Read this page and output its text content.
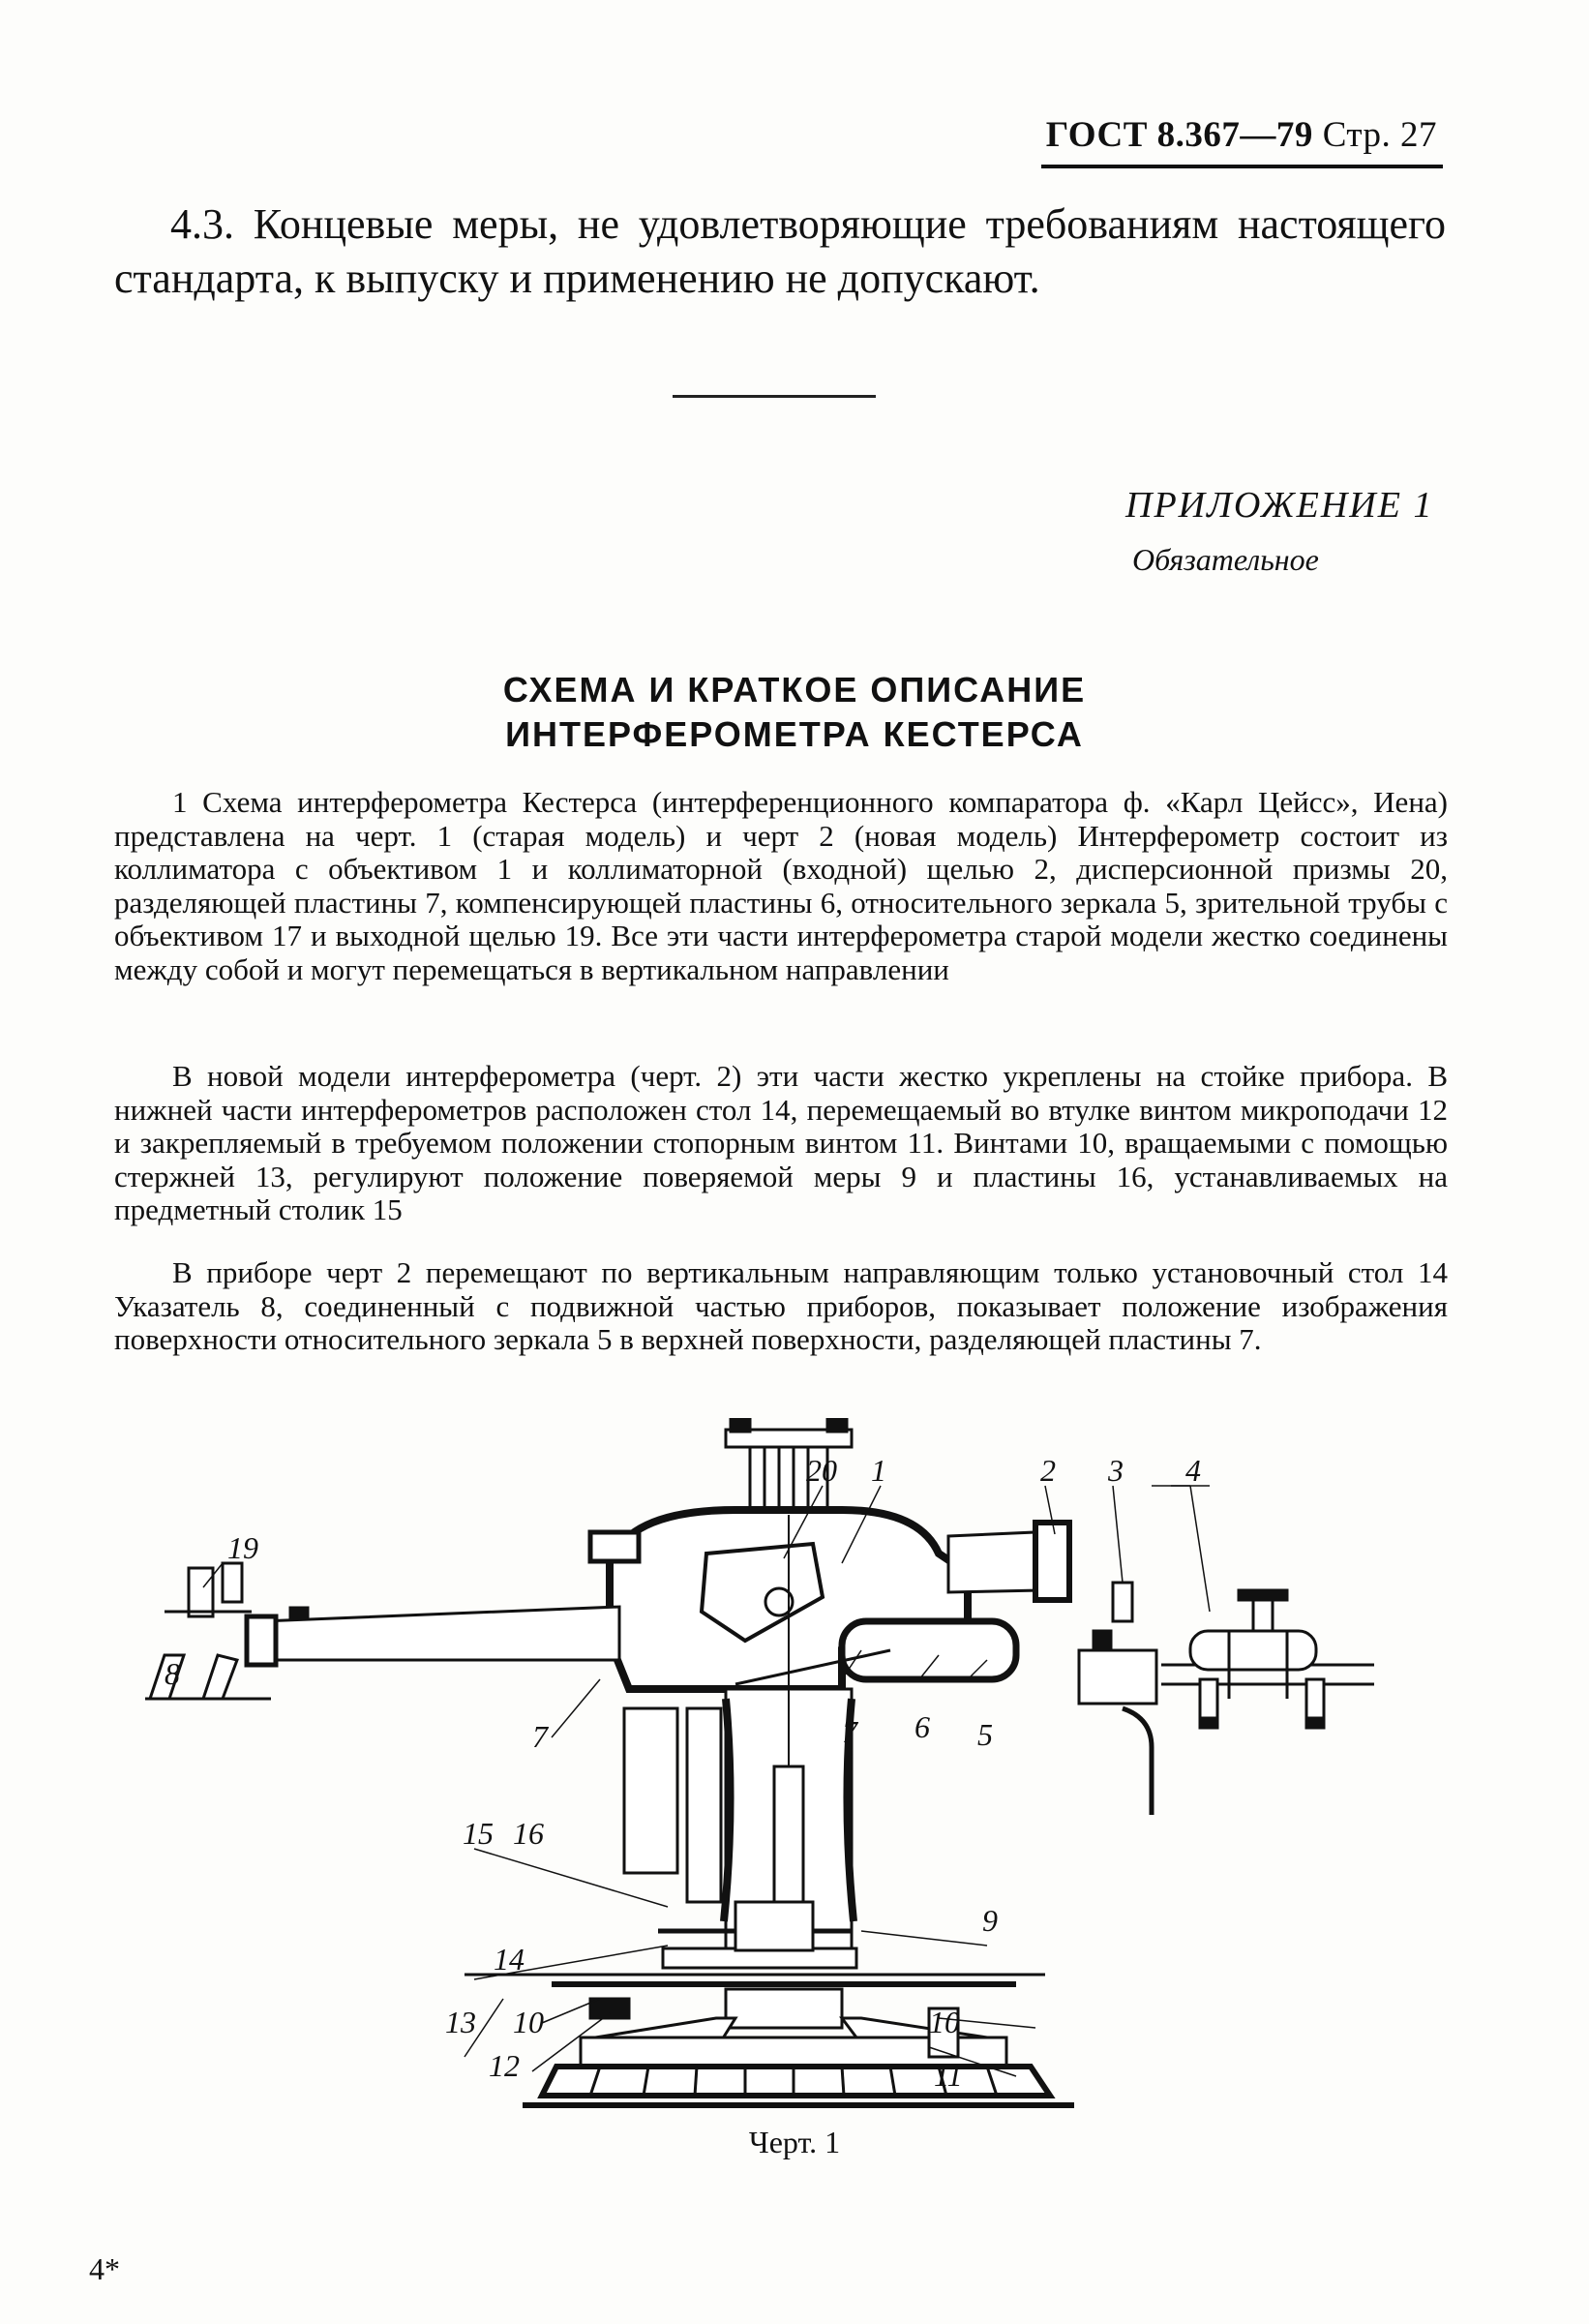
ГОСТ 8.367—79 Стр. 27
4.3. Концевые меры, не удовлетворяющие требованиям настоящего стандарта, к выпуску и применению не допускают.
ПРИЛОЖЕНИЕ 1
Обязательное
СХЕМА И КРАТКОЕ ОПИСАНИЕ
ИНТЕРФЕРОМЕТРА КЕСТЕРСА
1 Схема интерферометра Кестерса (интерференционного компаратора ф. «Карл Цейсс», Иена) представлена на черт. 1 (старая модель) и черт 2 (новая модель) Интерферометр состоит из коллиматора с объективом 1 и коллиматорной (входной) щелью 2, дисперсионной призмы 20, разделяющей пластины 7, компенсирующей пластины 6, относительного зеркала 5, зрительной трубы с объективом 17 и выходной щелью 19. Все эти части интерферометра старой модели жестко соединены между собой и могут перемещаться в вертикальном направлении
В новой модели интерферометра (черт. 2) эти части жестко укреплены на стойке прибора. В нижней части интерферометров расположен стол 14, перемещаемый во втулке винтом микроподачи 12 и закрепляемый в требуемом положении стопорным винтом 11. Винтами 10, вращаемыми с помощью стержней 13, регулируют положение поверяемой меры 9 и пластины 16, устанавливаемых на предметный столик 15
В приборе черт 2 перемещают по вертикальным направляющим только установочный стол 14 Указатель 8, соединенный с подвижной частью приборов, показывает положение изображения поверхности относительного зеркала 5 в верхней поверхности, разделяющей пластины 7.
20 1	2 3 4
19
8
7	7 6 5
15 16
9
14
13 10	10
12	11
Черт. 1
4*
